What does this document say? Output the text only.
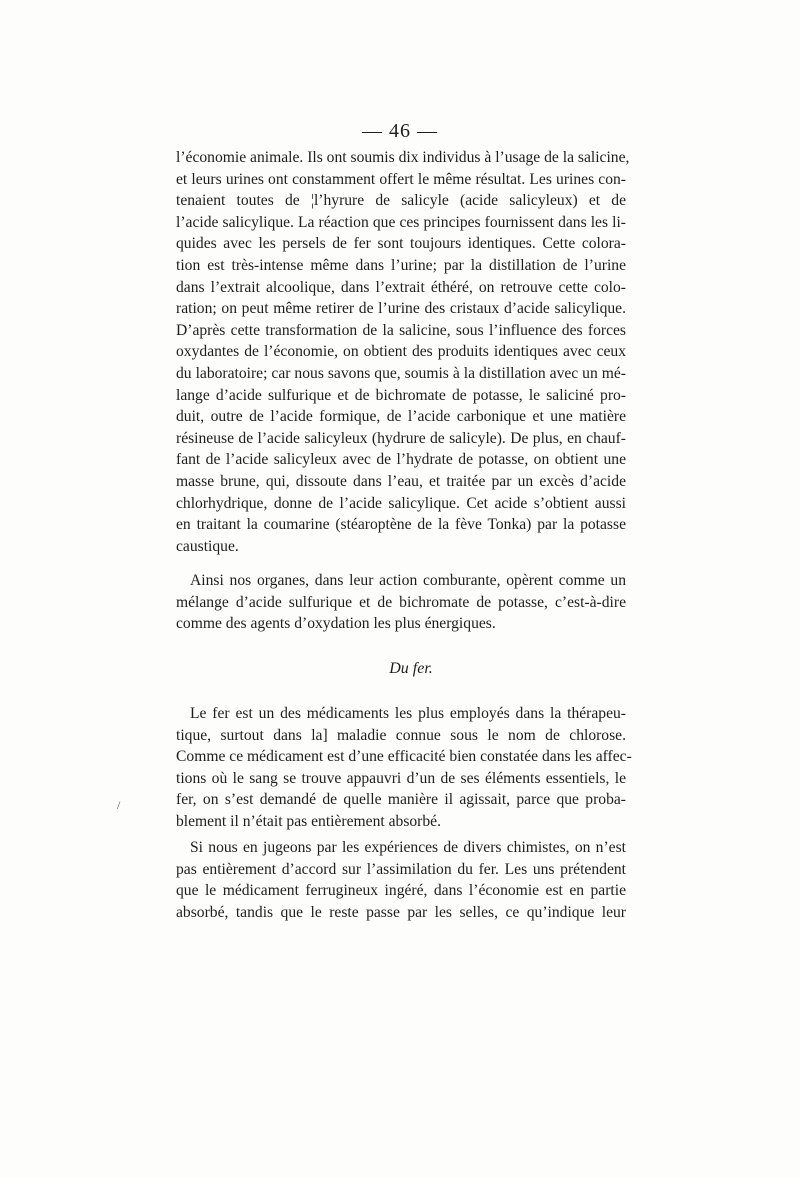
— 46 —
l’économie animale. Ils ont soumis dix individus à l’usage de la salicine,
et leurs urines ont constamment offert le même résultat. Les urines con-
tenaient toutes de ¦l’hyrure de salicyle (acide salicyleux) et de
l’acide salicylique. La réaction que ces principes fournissent dans les li-
quides avec les persels de fer sont toujours identiques. Cette colora-
tion est très-intense même dans l’urine; par la distillation de l’urine
dans l’extrait alcoolique, dans l’extrait éthéré, on retrouve cette colo-
ration; on peut même retirer de l’urine des cristaux d’acide salicylique.
D’après cette transformation de la salicine, sous l’influence des forces
oxydantes de l’économie, on obtient des produits identiques avec ceux
du laboratoire; car nous savons que, soumis à la distillation avec un mé-
lange d’acide sulfurique et de bichromate de potasse, le saliciné pro-
duit, outre de l’acide formique, de l’acide carbonique et une matière
résineuse de l’acide salicyleux (hydrure de salicyle). De plus, en chauf-
fant de l’acide salicyleux avec de l’hydrate de potasse, on obtient une
masse brune, qui, dissoute dans l’eau, et traitée par un excès d’acide
chlorhydrique, donne de l’acide salicylique. Cet acide s’obtient aussi
en traitant la coumarine (stéaroptène de la fève Tonka) par la potasse
caustique.
Ainsi nos organes, dans leur action comburante, opèrent comme un
mélange d’acide sulfurique et de bichromate de potasse, c’est-à-dire
comme des agents d’oxydation les plus énergiques.
Du fer.
Le fer est un des médicaments les plus employés dans la thérapeu-
tique, surtout dans la] maladie connue sous le nom de chlorose.
Comme ce médicament est d’une efficacité bien constatée dans les affec-
tions où le sang se trouve appauvri d’un de ses éléments essentiels, le
fer, on s’est demandé de quelle manière il agissait, parce que proba-
blement il n’était pas entièrement absorbé.
Si nous en jugeons par les expériences de divers chimistes, on n’est
pas entièrement d’accord sur l’assimilation du fer. Les uns prétendent
que le médicament ferrugineux ingéré, dans l’économie est en partie
absorbé, tandis que le reste passe par les selles, ce qu’indique leur
/
